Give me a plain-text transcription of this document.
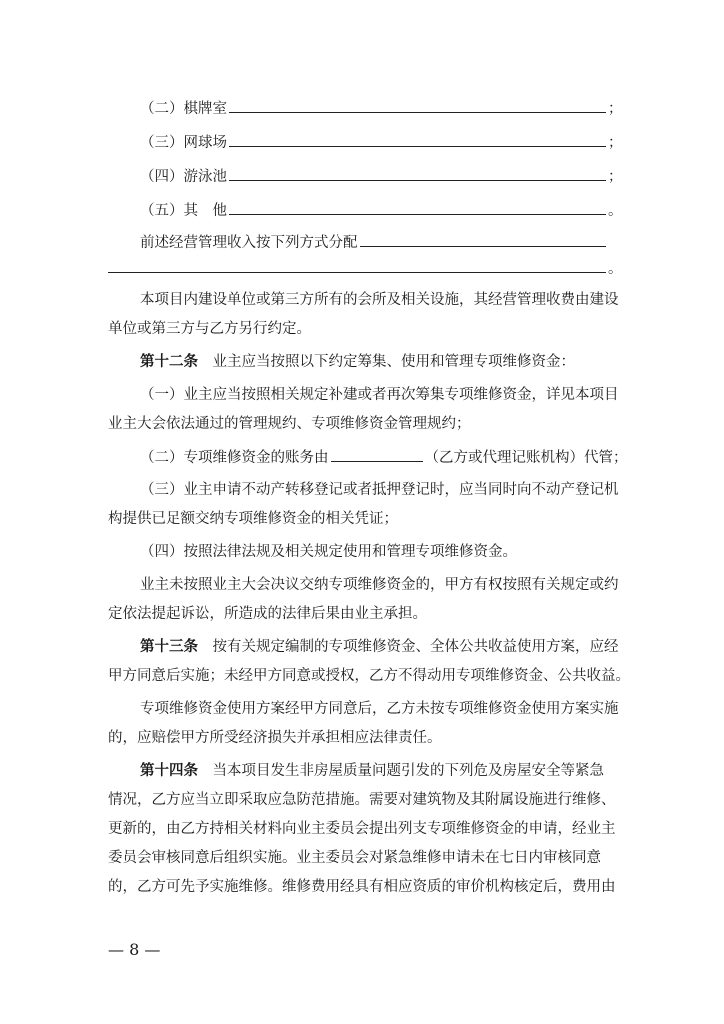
（二）棋牌室	；
（三）网球场	；
（四）游泳池	；
（五）其　他	。
前述经营管理收入按下列方式分配
。
本项目内建设单位或第三方所有的会所及相关设施，其经营管理收费由建设
单位或第三方与乙方另行约定。
第十二条　业主应当按照以下约定筹集、使用和管理专项维修资金：
（一）业主应当按照相关规定补建或者再次筹集专项维修资金，详见本项目
业主大会依法通过的管理规约、专项维修资金管理规约；
（二）专项维修资金的账务由	（乙方或代理记账机构）代管；
（三）业主申请不动产转移登记或者抵押登记时，应当同时向不动产登记机
构提供已足额交纳专项维修资金的相关凭证；
（四）按照法律法规及相关规定使用和管理专项维修资金。
业主未按照业主大会决议交纳专项维修资金的，甲方有权按照有关规定或约
定依法提起诉讼，所造成的法律后果由业主承担。
第十三条　按有关规定编制的专项维修资金、全体公共收益使用方案，应经
甲方同意后实施；未经甲方同意或授权，乙方不得动用专项维修资金、公共收益。
专项维修资金使用方案经甲方同意后，乙方未按专项维修资金使用方案实施
的，应赔偿甲方所受经济损失并承担相应法律责任。
第十四条　当本项目发生非房屋质量问题引发的下列危及房屋安全等紧急
情况，乙方应当立即采取应急防范措施。需要对建筑物及其附属设施进行维修、
更新的，由乙方持相关材料向业主委员会提出列支专项维修资金的申请，经业主
委员会审核同意后组织实施。业主委员会对紧急维修申请未在七日内审核同意
的，乙方可先予实施维修。维修费用经具有相应资质的审价机构核定后，费用由
— 8 —
